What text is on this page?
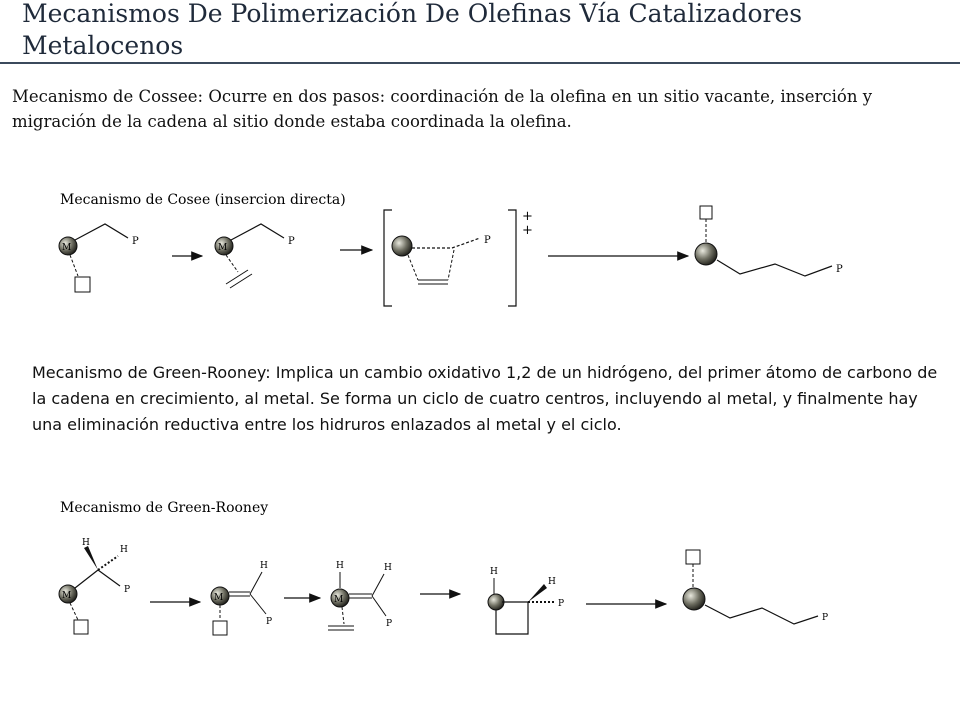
Mecanismos De Polimerización De Olefinas Vía Catalizadores Metalocenos

Mecanismo de Cossee: Ocurre en dos pasos: coordinación de la olefina en un sitio vacante, inserción y migración de la cadena al sitio donde estaba coordinada la olefina.

Mecanismo de Cosee (insercion directa)
M
P
M
P
+
+
P
P

Mecanismo de Green-Rooney: Implica un cambio oxidativo 1,2 de un hidrógeno, del primer átomo de carbono de la cadena en crecimiento, al metal. Se forma un ciclo de cuatro centros, incluyendo al metal, y finalmente hay una eliminación reductiva entre los hidruros enlazados al metal y el ciclo.

Mecanismo de Green-Rooney
M
H
H
P
M
H
P
H
M
H
P
H
H
P
P
